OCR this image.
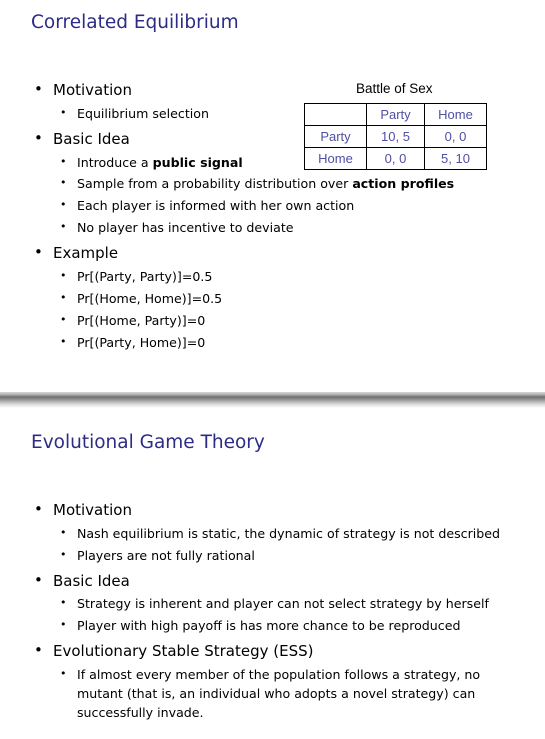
Correlated Equilibrium
• Motivation
• Equilibrium selection
• Basic Idea
• Introduce a public signal
• Sample from a probability distribution over action profiles
• Each player is informed with her own action
• No player has incentive to deviate
• Example
• Pr[(Party, Party)]=0.5
• Pr[(Home, Home)]=0.5
• Pr[(Home, Party)]=0
• Pr[(Party, Home)]=0
Battle of Sex
	Party	Home
Party	10, 5	0, 0
Home	0, 0	5, 10
Evolutional Game Theory
• Motivation
• Nash equilibrium is static, the dynamic of strategy is not described
• Players are not fully rational
• Basic Idea
• Strategy is inherent and player can not select strategy by herself
• Player with high payoff is has more chance to be reproduced
• Evolutionary Stable Strategy (ESS)
• If almost every member of the population follows a strategy, no
mutant (that is, an individual who adopts a novel strategy) can
successfully invade.
